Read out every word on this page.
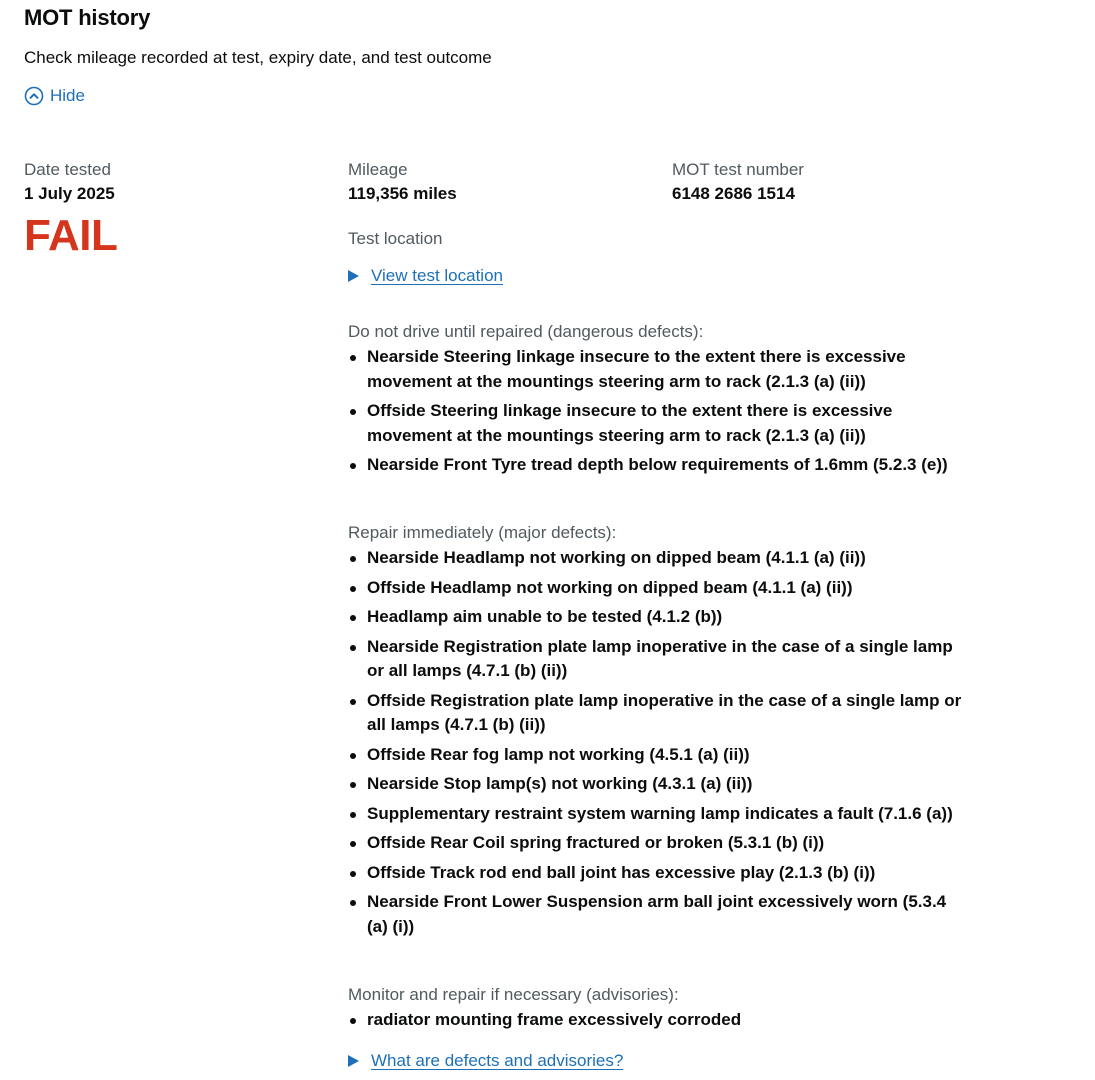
MOT history

Check mileage recorded at test, expiry date, and test outcome

Hide

Date tested

1 July 2025

FAIL

Mileage

119,356 miles

MOT test number

6148 2686 1514

Test location

View test location

Do not drive until repaired (dangerous defects):

Nearside Steering linkage insecure to the extent there is excessive movement at the mountings steering arm to rack (2.1.3 (a) (ii))
Offside Steering linkage insecure to the extent there is excessive movement at the mountings steering arm to rack (2.1.3 (a) (ii))
Nearside Front Tyre tread depth below requirements of 1.6mm (5.2.3 (e))

Repair immediately (major defects):

Nearside Headlamp not working on dipped beam (4.1.1 (a) (ii))
Offside Headlamp not working on dipped beam (4.1.1 (a) (ii))
Headlamp aim unable to be tested (4.1.2 (b))
Nearside Registration plate lamp inoperative in the case of a single lamp or all lamps (4.7.1 (b) (ii))
Offside Registration plate lamp inoperative in the case of a single lamp or all lamps (4.7.1 (b) (ii))
Offside Rear fog lamp not working (4.5.1 (a) (ii))
Nearside Stop lamp(s) not working (4.3.1 (a) (ii))
Supplementary restraint system warning lamp indicates a fault (7.1.6 (a))
Offside Rear Coil spring fractured or broken (5.3.1 (b) (i))
Offside Track rod end ball joint has excessive play (2.1.3 (b) (i))
Nearside Front Lower Suspension arm ball joint excessively worn (5.3.4 (a) (i))

Monitor and repair if necessary (advisories):

radiator mounting frame excessively corroded
What are defects and advisories?
